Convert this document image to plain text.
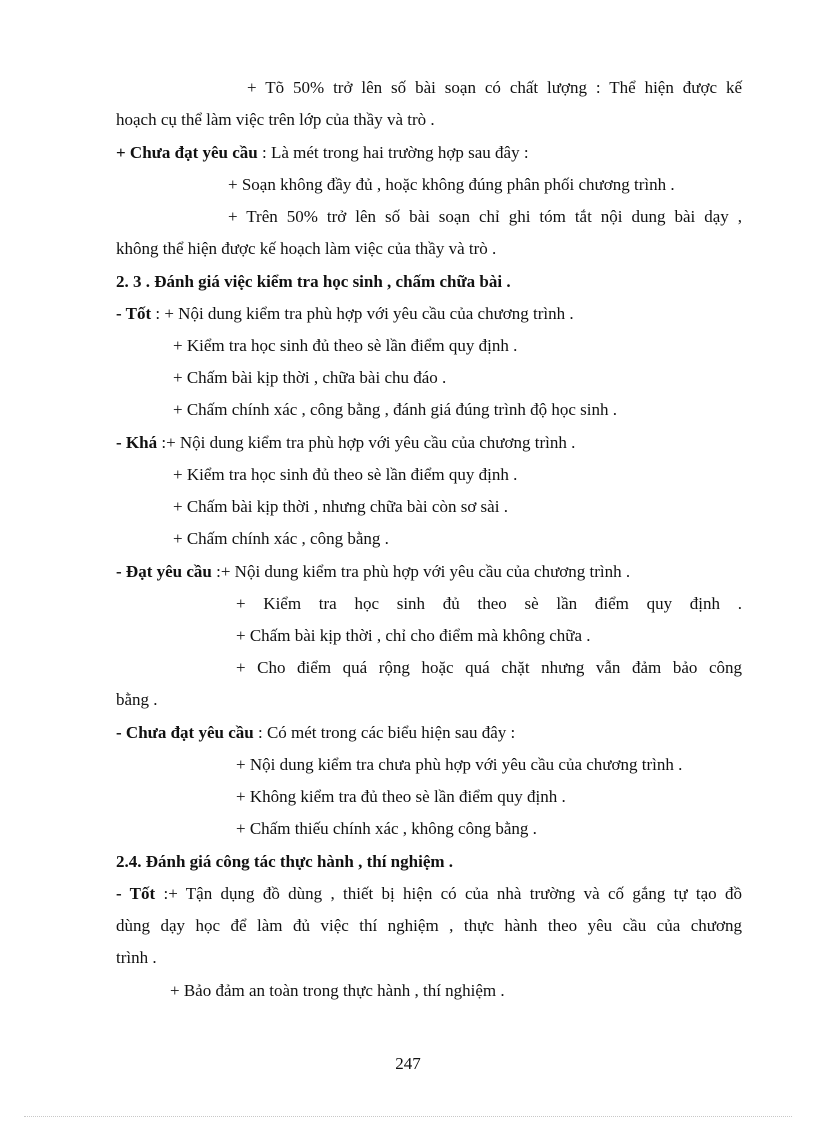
+ Tõ 50% trở lên số bài soạn có chất lượng : Thể hiện được kế
hoạch cụ thể làm việc trên lớp của thầy và trò .
+ Chưa đạt yêu cầu : Là mét trong hai trường hợp sau đây :
+ Soạn không đầy đủ , hoặc không đúng phân phối chương trình .
+ Trên 50% trở lên số bài soạn chỉ ghi tóm tắt nội dung bài dạy ,
không thể hiện được kế hoạch làm việc của thầy và trò .
2. 3 . Đánh giá việc kiểm tra học sinh , chấm chữa bài .
- Tốt : + Nội dung kiểm tra phù hợp với yêu cầu của chương trình .
+ Kiểm tra học sinh đủ theo sè lần điểm quy định .
+ Chấm bài kịp thời , chữa bài chu đáo .
+ Chấm chính xác , công bằng , đánh giá đúng trình độ học sinh .
- Khá :+ Nội dung kiểm tra phù hợp với yêu cầu của chương trình .
+ Kiểm tra học sinh đủ theo sè lần điểm quy định .
+ Chấm bài kịp thời , nhưng chữa bài còn sơ sài .
+ Chấm chính xác , công bằng .
- Đạt yêu cầu :+ Nội dung kiểm tra phù hợp với yêu cầu của chương trình .
+ Kiểm tra học sinh đủ theo sè lần điểm quy định .
+ Chấm bài kịp thời , chỉ cho điểm mà không chữa .
+ Cho điểm quá rộng hoặc quá chặt nhưng vẫn đảm bảo công
bằng .
- Chưa đạt yêu cầu : Có mét trong các biểu hiện sau đây :
+ Nội dung kiểm tra chưa phù hợp với yêu cầu của chương trình .
+ Không kiểm tra đủ theo sè lần điểm quy định .
+ Chấm thiếu chính xác , không công bằng .
2.4. Đánh giá công tác thực hành , thí nghiệm .
- Tốt :+ Tận dụng đồ dùng , thiết bị hiện có của nhà trường và cố gắng tự tạo đồ
dùng dạy học để làm đủ việc thí nghiệm , thực hành theo yêu cầu của chương
trình .
+ Bảo đảm an toàn trong thực hành , thí nghiệm .
247
